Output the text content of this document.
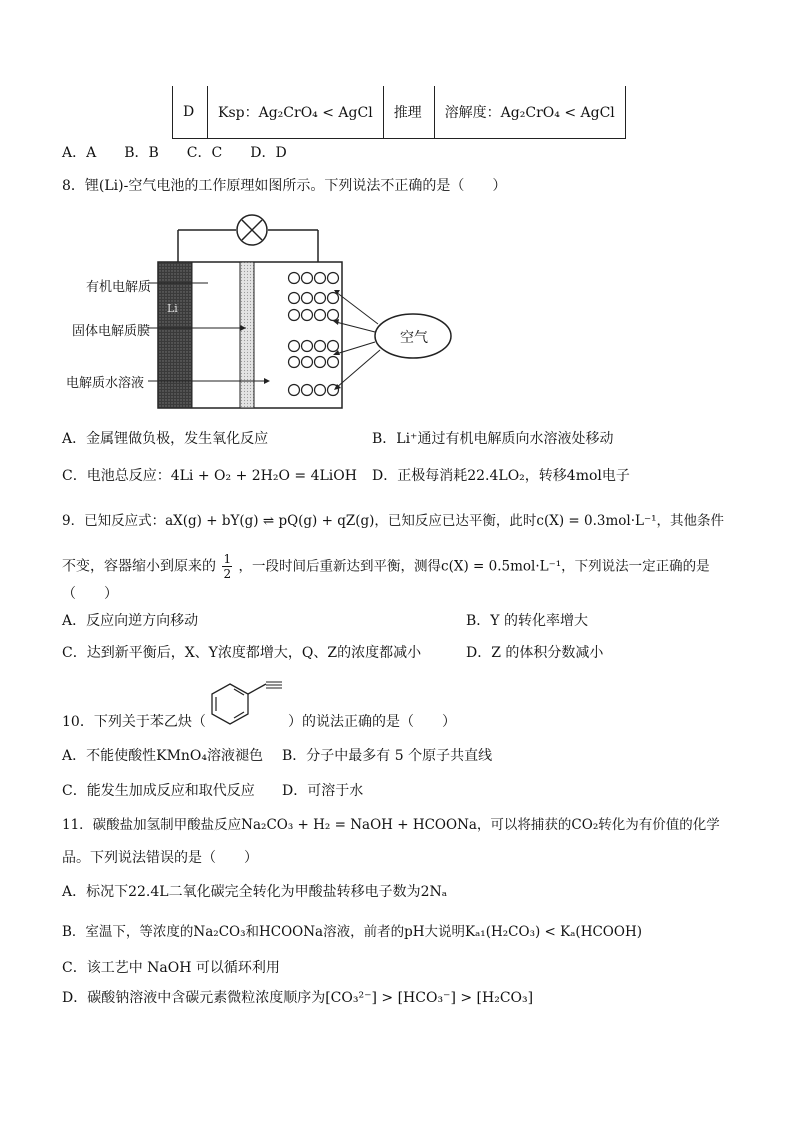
D	Ksp：Ag₂CrO₄ < AgCl	推理	溶解度：Ag₂CrO₄ < AgCl
A．A　　B．B　　C．C　　D．D
8．锂(Li)-空气电池的工作原理如图所示。下列说法不正确的是（　　）
有机电解质
固体电解质膜
电解质水溶液
空气
Li
A．金属锂做负极，发生氧化反应	B．Li⁺通过有机电解质向水溶液处移动
C．电池总反应：4Li + O₂ + 2H₂O = 4LiOH D．正极每消耗22.4LO₂，转移4mol电子
9．已知反应式：aX(g) + bY(g) ⇌ pQ(g) + qZ(g)，已知反应已达平衡，此时c(X) = 0.3mol·L⁻¹，其他条件
不变，容器缩小到原来的 $\frac{1}{2}$ ，一段时间后重新达到平衡，测得c(X) = 0.5mol·L⁻¹，下列说法一定正确的是
（　　）
A．反应向逆方向移动	B．Y 的转化率增大
C．达到新平衡后，X、Y浓度都增大，Q、Z的浓度都减小	D．Z 的体积分数减小
10．下列关于苯乙炔（	）的说法正确的是（　　）
A．不能使酸性KMnO₄溶液褪色 B．分子中最多有 5 个原子共直线
C．能发生加成反应和取代反应 D．可溶于水
11．碳酸盐加氢制甲酸盐反应Na₂CO₃ + H₂ = NaOH + HCOONa，可以将捕获的CO₂转化为有价值的化学
品。下列说法错误的是（　　）
A．标况下22.4L二氧化碳完全转化为甲酸盐转移电子数为2Nₐ
B．室温下，等浓度的Na₂CO₃和HCOONa溶液，前者的pH大说明Kₐ₁(H₂CO₃) < Kₐ(HCOOH)
C．该工艺中 NaOH 可以循环利用
D．碳酸钠溶液中含碳元素微粒浓度顺序为[CO₃²⁻] > [HCO₃⁻] > [H₂CO₃]
